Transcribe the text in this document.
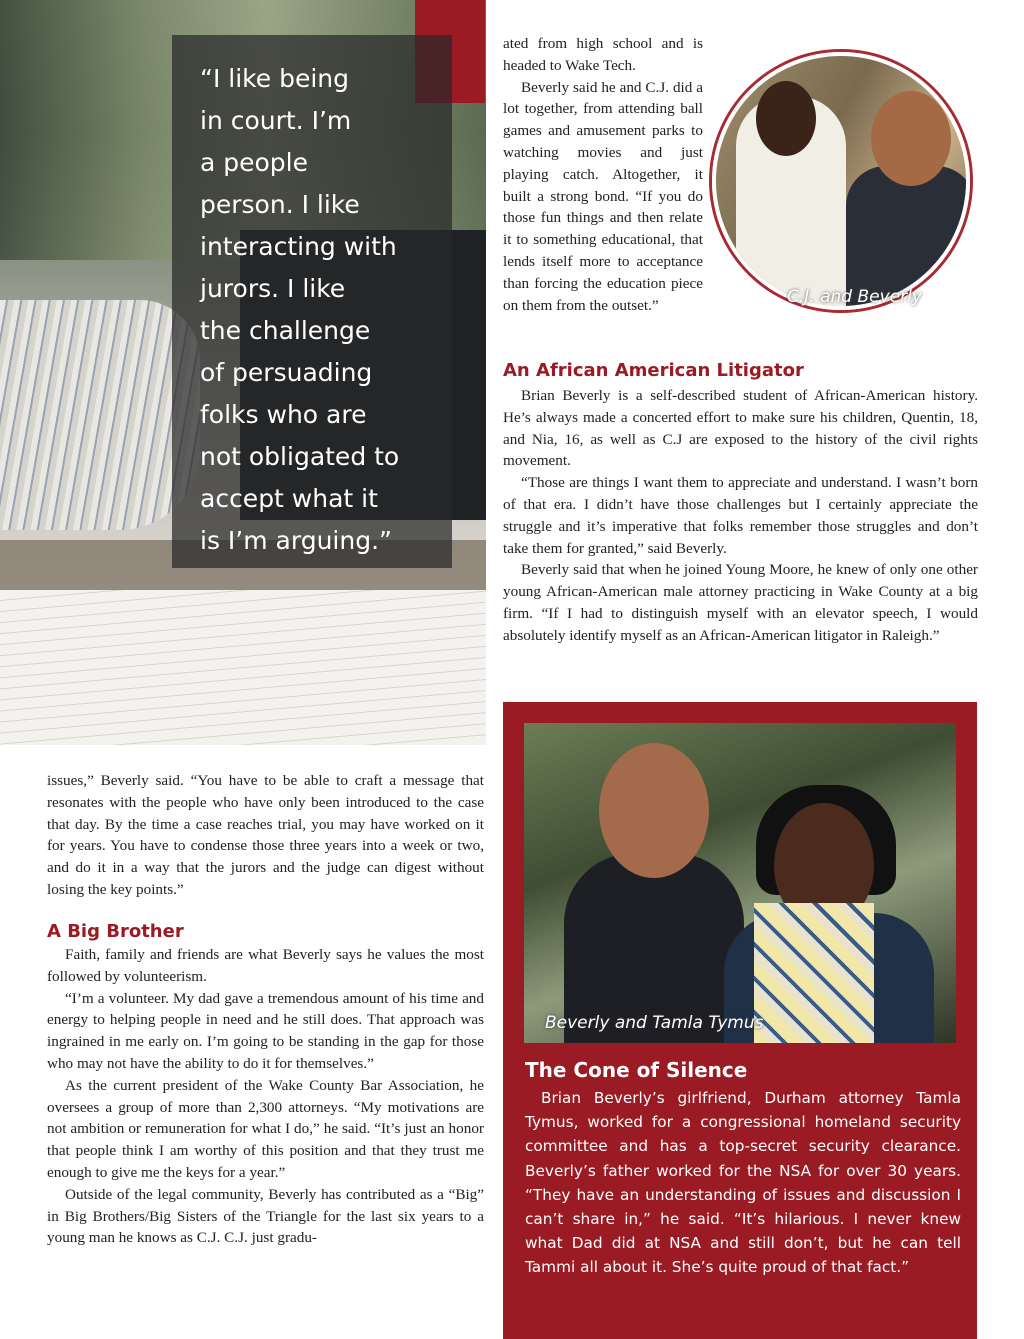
“I like being
in court. I’m
a people
person. I like
interacting with
jurors. I like
the challenge
of persuading
folks who are
not obligated to
accept what it
is I’m arguing.”

ated from high school and is headed to Wake Tech.

Beverly said he and C.J. did a lot together, from attending ball games and amusement parks to watching movies and just playing catch. Altogether, it built a strong bond. “If you do those fun things and then relate it to something educational, that lends itself more to acceptance than forcing the education piece on them from the outset.”	C.J. and Beverly

An African American Litigator

Brian Beverly is a self-described student of African-American history. He’s always made a concerted effort to make sure his children, Quentin, 18, and Nia, 16, as well as C.J are exposed to the history of the civil rights movement.

“Those are things I want them to appreciate and understand. I wasn’t born of that era. I didn’t have those challenges but I certainly appreciate the struggle and it’s imperative that folks remember those struggles and don’t take them for granted,” said Beverly.

Beverly said that when he joined Young Moore, he knew of only one other young African-American male attorney practicing in Wake County at a big firm. “If I had to distinguish myself with an elevator speech, I would absolutely identify myself as an African-American litigator in Raleigh.”

issues,” Beverly said. “You have to be able to craft a message that resonates with the people who have only been introduced to the case that day. By the time a case reaches trial, you may have worked on it for years. You have to condense those three years into a week or two, and do it in a way that the jurors and the judge can digest without losing the key points.”

A Big Brother

Faith, family and friends are what Beverly says he values the most followed by volunteerism.

“I’m a volunteer. My dad gave a tremendous amount of his time and energy to helping people in need and he still does. That approach was ingrained in me early on. I’m going to be standing in the gap for those who may not have the ability to do it for themselves.”

As the current president of the Wake County Bar Association, he oversees a group of more than 2,300 attorneys. “My motivations are not ambition or remuneration for what I do,” he said. “It’s just an honor that people think I am worthy of this position and that they trust me enough to give me the keys for a year.”

Outside of the legal community, Beverly has contributed as a “Big” in Big Brothers/Big Sisters of the Triangle for the last six years to a young man he knows as C.J. C.J. just gradu-

Beverly and Tamla Tymus

The Cone of Silence

Brian Beverly’s girlfriend, Durham attorney Tamla Tymus, worked for a congressional homeland security committee and has a top-secret security clearance. Beverly’s father worked for the NSA for over 30 years. “They have an understanding of issues and discussion I can’t share in,” he said. “It’s hilarious. I never knew what Dad did at NSA and still don’t, but he can tell Tammi all about it. She’s quite proud of that fact.”
